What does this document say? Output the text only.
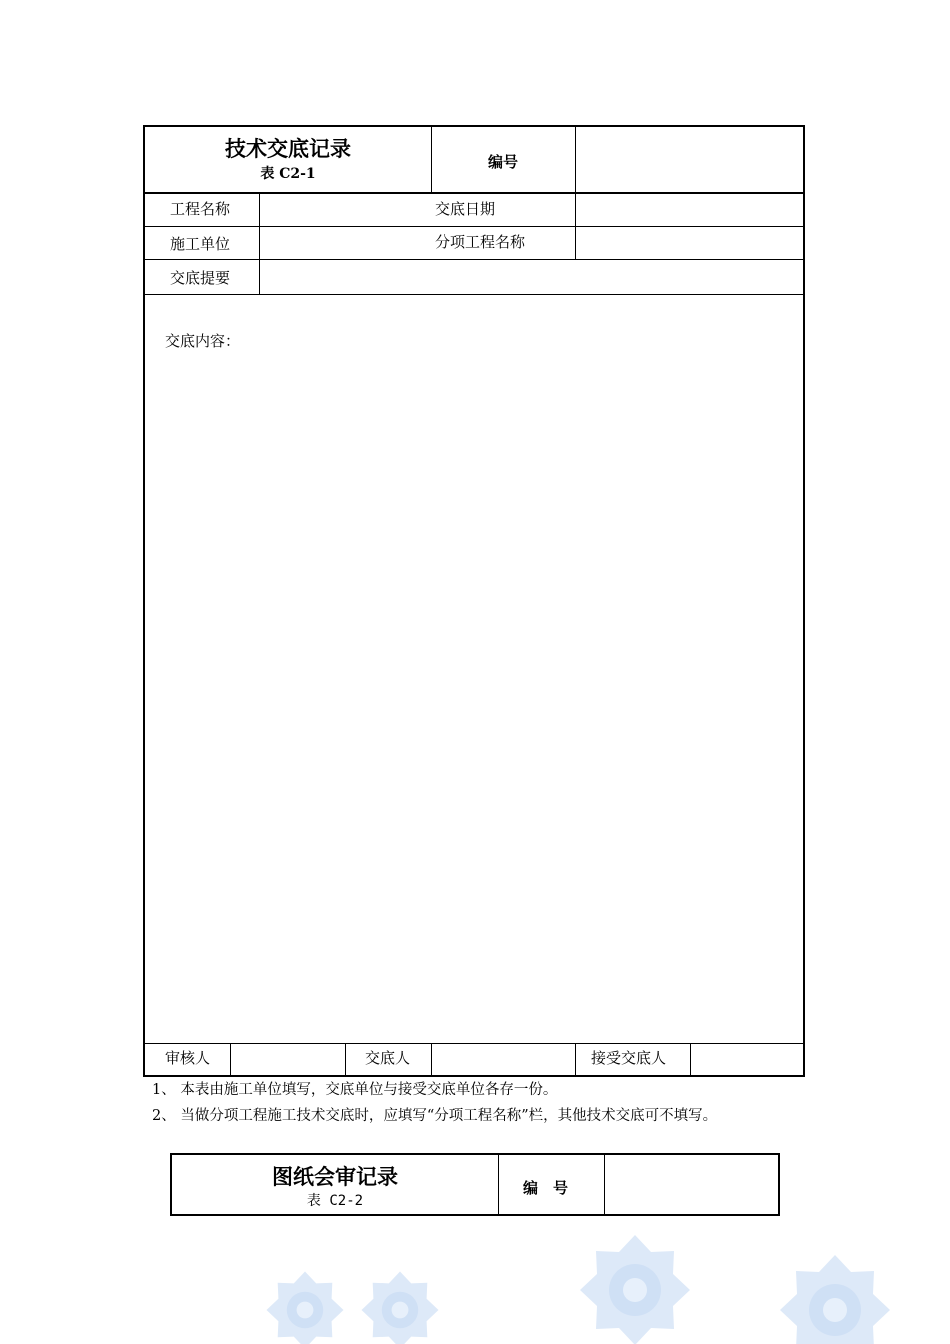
技术交底记录
表 C2-1
编号
工程名称	交底日期
施工单位	分项工程名称
交底提要
交底内容：
审核人	交底人	接受交底人
1、 本表由施工单位填写，交底单位与接受交底单位各存一份。
2、 当做分项工程施工技术交底时，应填写“分项工程名称”栏，其他技术交底可不填写。
图纸会审记录
表 C2-2
编　号
